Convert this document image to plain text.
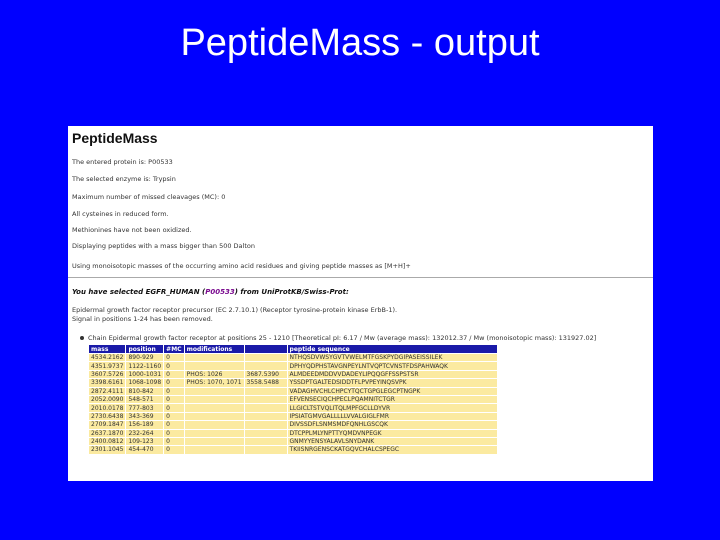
PeptideMass - output
PeptideMass
The entered protein is: P00533
The selected enzyme is: Trypsin
Maximum number of missed cleavages (MC): 0
All cysteines in reduced form.
Methionines have not been oxidized.
Displaying peptides with a mass bigger than 500 Dalton
Using monoisotopic masses of the occurring amino acid residues and giving peptide masses as [M+H]+
You have selected EGFR_HUMAN (P00533) from UniProtKB/Swiss-Prot:
Epidermal growth factor receptor precursor (EC 2.7.10.1) (Receptor tyrosine-protein kinase ErbB-1).
Signal in positions 1-24 has been removed.
Chain Epidermal growth factor receptor at positions 25 - 1210 [Theoretical pI: 6.17 / Mw (average mass): 132012.37 / Mw (monoisotopic mass): 131927.02]
mass	position	#MC	modifications		peptide sequence
4534.2162	890-929	0			NTHQSDVWSYGVTVWELMTFGSKPYDGIPASEISSILEK
4351.9737	1122-1160	0			DPHYQDPHSTAVGNPEYLNTVQPTCVNSTFDSPAHWAQK
3607.5726	1000-1031	0	PHOS: 1026	3687.5390	ALMDEEDMDDVVDADEYLIPQQGFFSSPSTSR
3398.6161	1068-1098	0	PHOS: 1070, 1071	3558.5488	YSSDPTGALTEDSIDDTFLPVPEYINQSVPK
2872.4111	810-842	0			VADAGHVCHLCHPCYTQCTGPGLEGCPTNGPK
2052.0090	548-571	0			EFVENSECIQCHPECLPQAMNITCTGR
2010.0178	777-803	0			LLGICLTSTVQLITQLMPFGCLLDYVR
2730.6438	343-369	0			IPSIATGMVGALLLLLVVALGIGLFMR
2709.1847	156-189	0			DIVSSDFLSNMSMDFQNHLGSCQK
2637.1870	232-264	0			DTCPPLMLYNPTTYQMDVNPEGK
2400.0812	109-123	0			GNMYYENSYALAVLSNYDANK
2301.1045	454-470	0			TKIISNRGENSCKATGQVCHALCSPEGC
